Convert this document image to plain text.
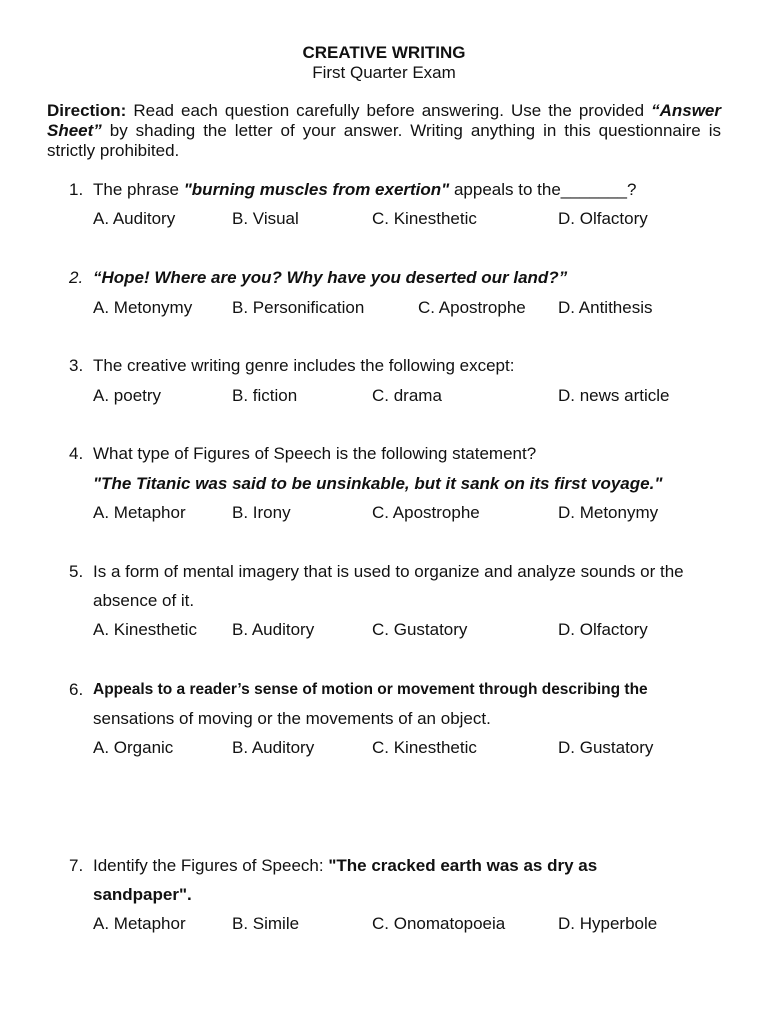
CREATIVE WRITING
First Quarter Exam
Direction: Read each question carefully before answering. Use the provided “Answer Sheet” by shading the letter of your answer. Writing anything in this questionnaire is strictly prohibited.
1. The phrase "burning muscles from exertion" appeals to the_______?
A. Auditory	B. Visual	C. Kinesthetic	D. Olfactory
2. “Hope! Where are you? Why have you deserted our land?”
A. Metonymy B. Personification	C. Apostrophe D. Antithesis
3. The creative writing genre includes the following except:
A. poetry	B. fiction	C. drama	D. news article
4. What type of Figures of Speech is the following statement?
"The Titanic was said to be unsinkable, but it sank on its first voyage."
A. Metaphor	B. Irony	C. Apostrophe	D. Metonymy
5. Is a form of mental imagery that is used to organize and analyze sounds or the
absence of it.
A. Kinesthetic B. Auditory	C. Gustatory	D. Olfactory
6. Appeals to a reader’s sense of motion or movement through describing the
sensations of moving or the movements of an object.
A. Organic	B. Auditory	C. Kinesthetic	D. Gustatory
7. Identify the Figures of Speech: "The cracked earth was as dry as
sandpaper".
A. Metaphor	B. Simile	C. Onomatopoeia	D. Hyperbole
